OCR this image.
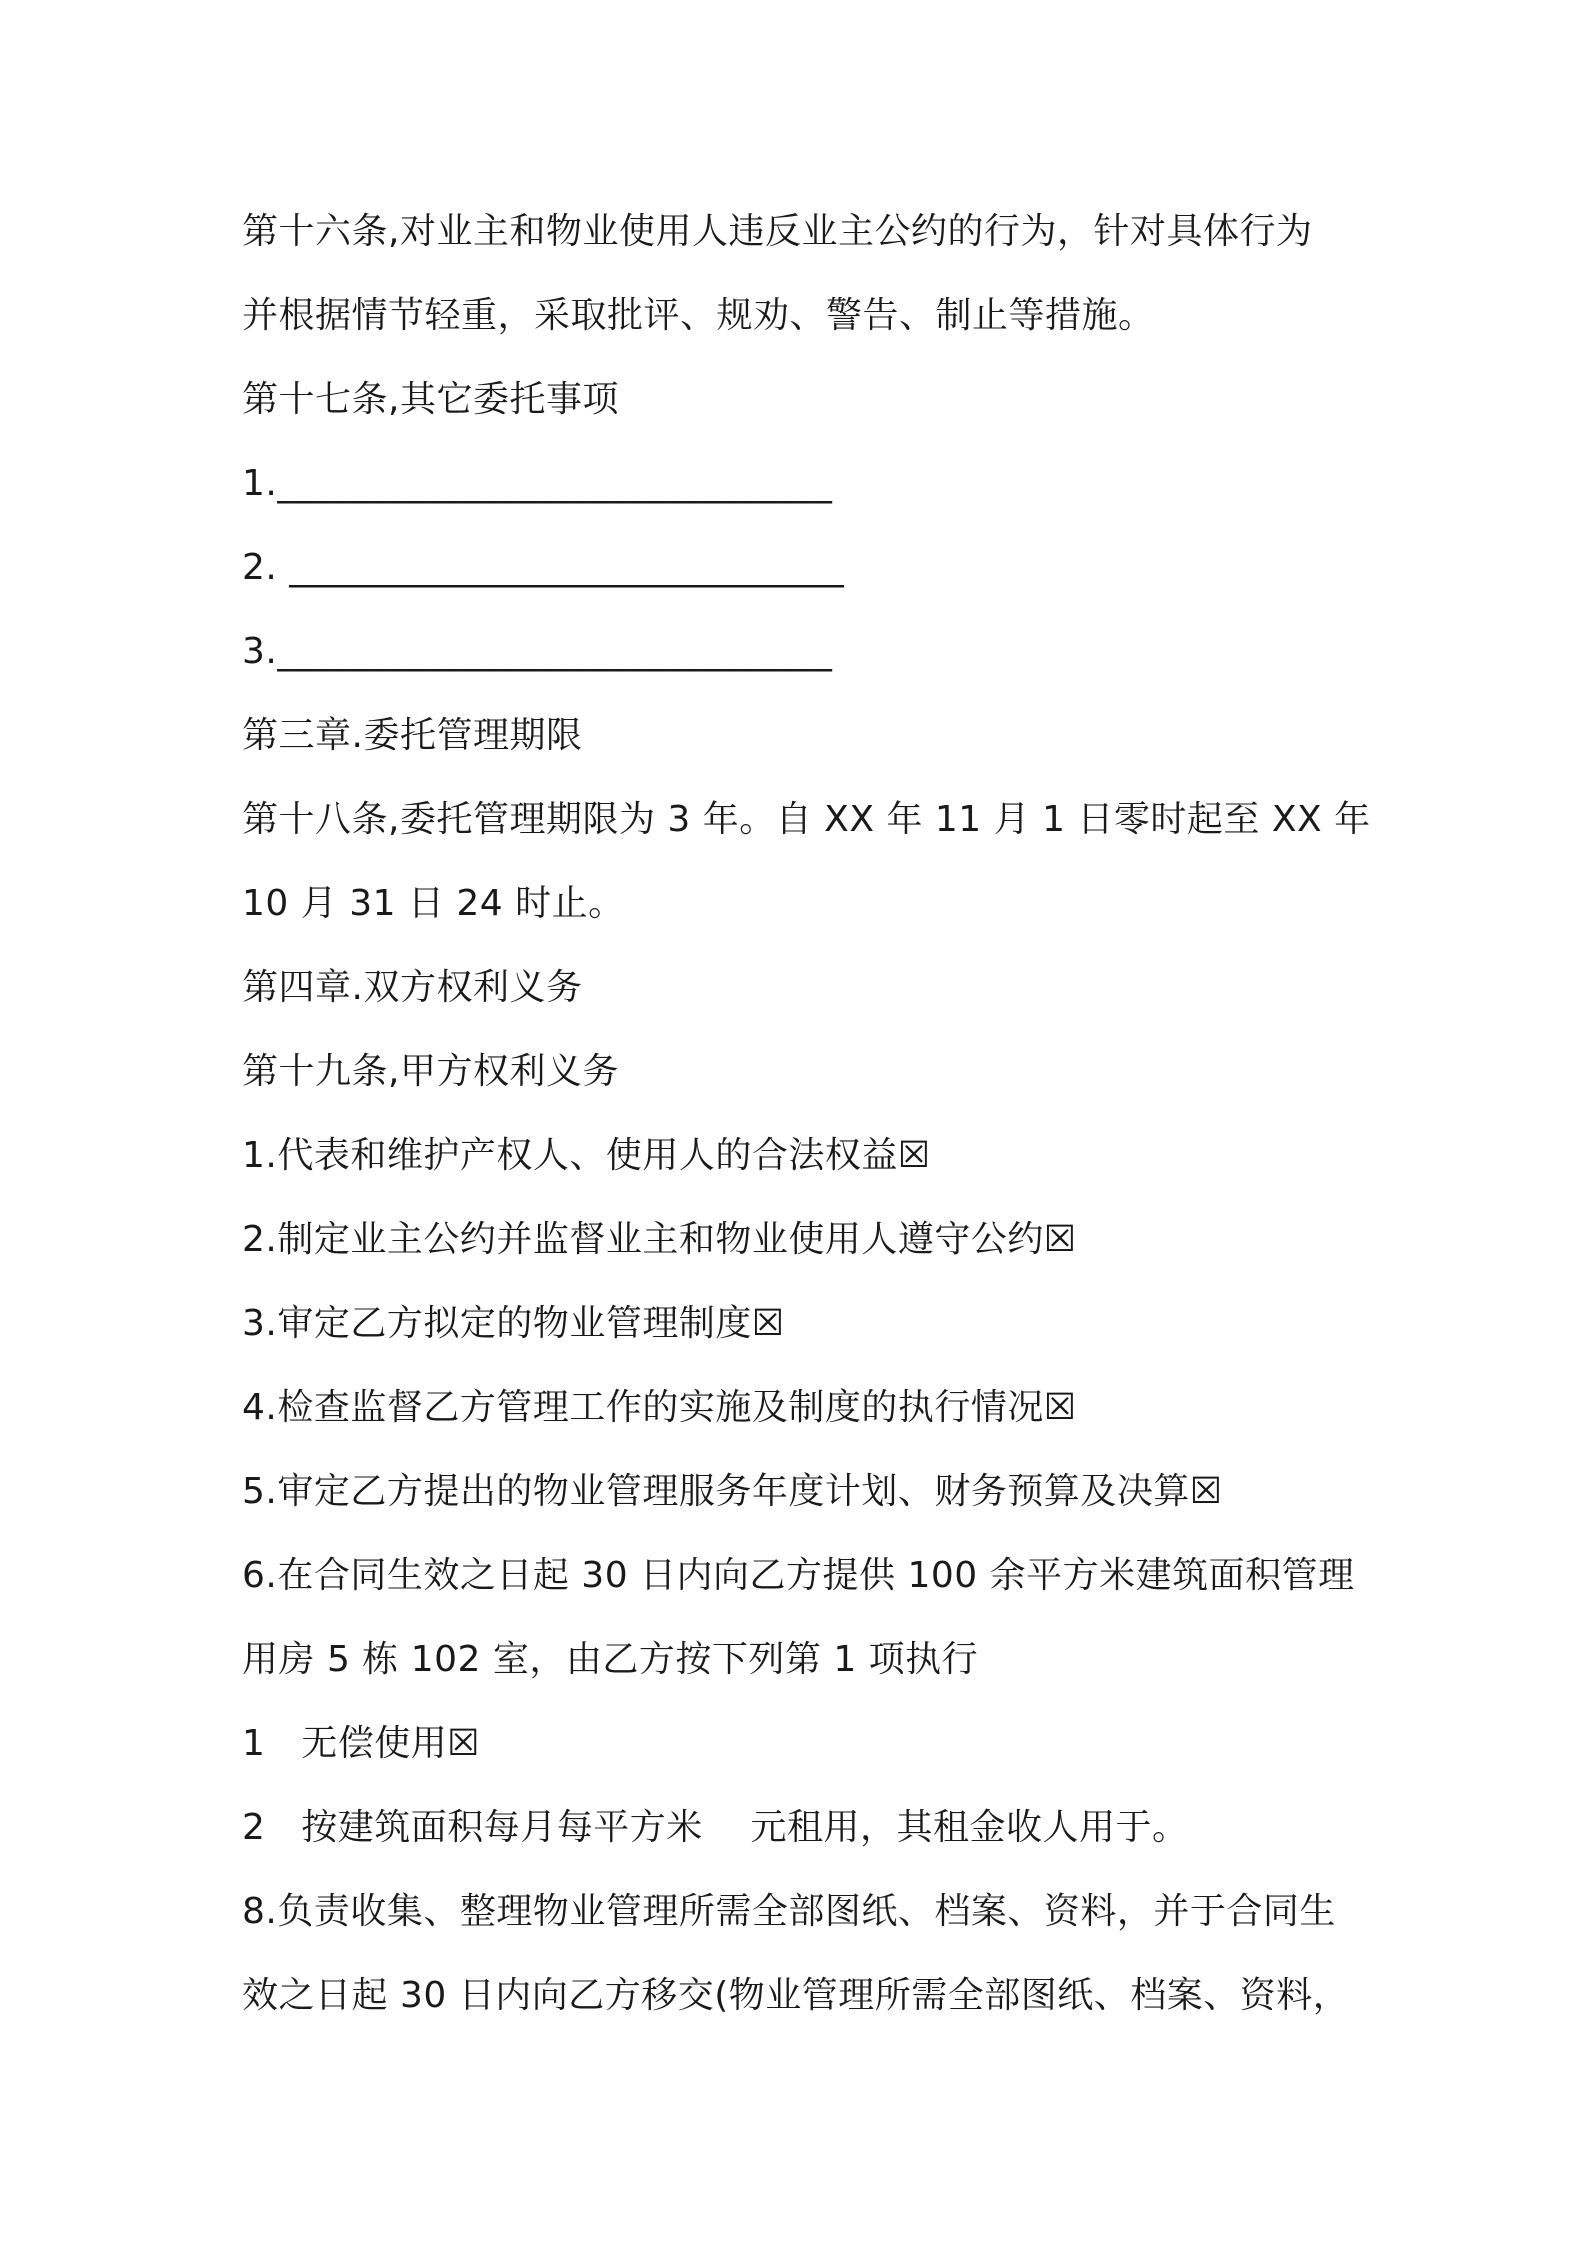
第十六条,对业主和物业使用人违反业主公约的行为，针对具体行为
并根据情节轻重，采取批评、规劝、警告、制止等措施。
第十七条,其它委托事项
1.______________________________
2. ______________________________
3.______________________________
第三章.委托管理期限
第十八条,委托管理期限为 3 年。自 XX 年 11 月 1 日零时起至 XX 年
10 月 31 日 24 时止。
第四章.双方权利义务
第十九条,甲方权利义务
1.代表和维护产权人、使用人的合法权益☒
2.制定业主公约并监督业主和物业使用人遵守公约☒
3.审定乙方拟定的物业管理制度☒
4.检查监督乙方管理工作的实施及制度的执行情况☒
5.审定乙方提出的物业管理服务年度计划、财务预算及决算☒
6.在合同生效之日起 30 日内向乙方提供 100 余平方米建筑面积管理
用房 5 栋 102 室，由乙方按下列第 1 项执行
1   无偿使用☒
2   按建筑面积每月每平方米    元租用，其租金收人用于。
8.负责收集、整理物业管理所需全部图纸、档案、资料，并于合同生
效之日起 30 日内向乙方移交(物业管理所需全部图纸、档案、资料，
